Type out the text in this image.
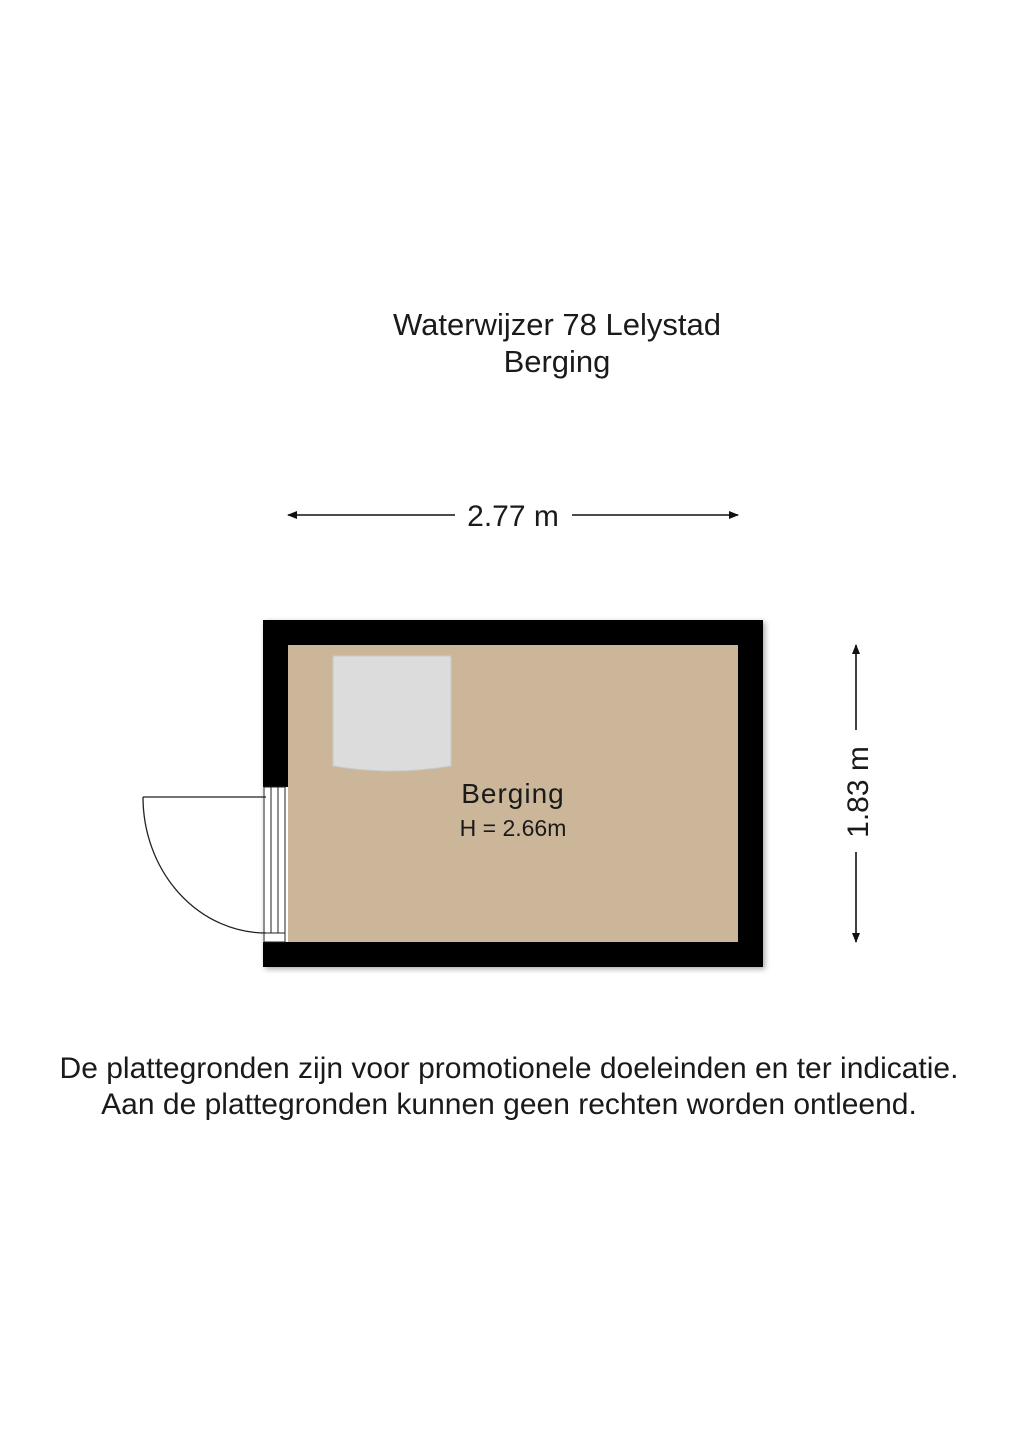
Waterwijzer 78 Lelystad
Berging
2.77 m
1.83 m
Berging
H = 2.66m
De plattegronden zijn voor promotionele doeleinden en ter indicatie.
Aan de plattegronden kunnen geen rechten worden ontleend.
